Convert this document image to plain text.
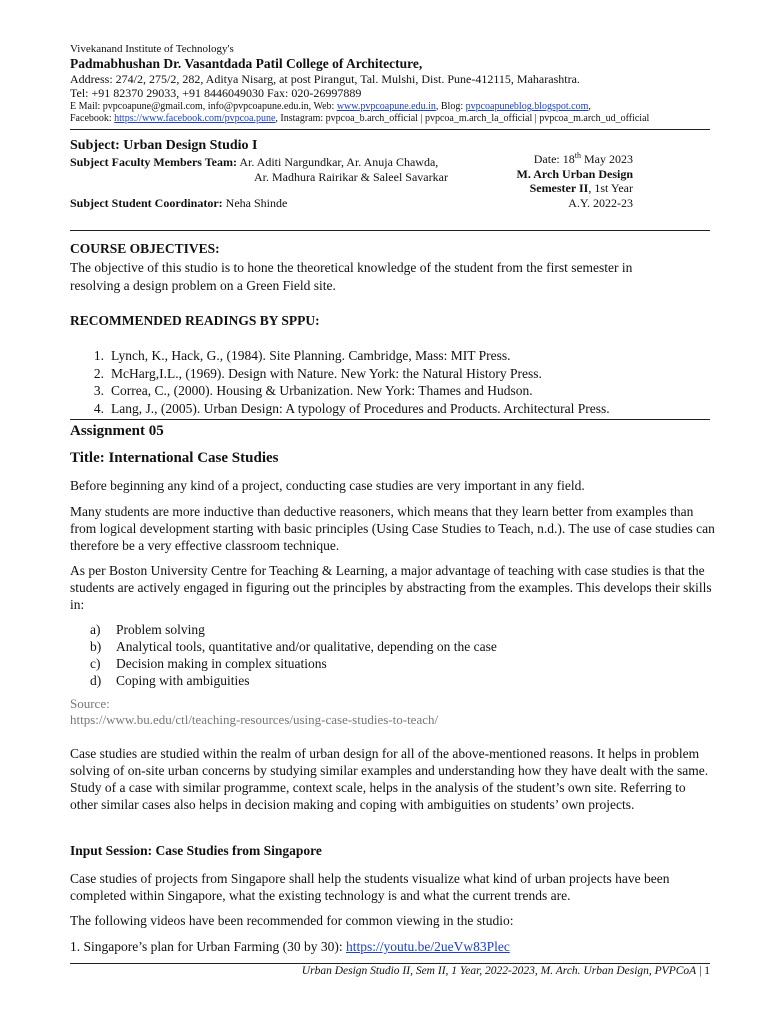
Vivekanand Institute of Technology's
Padmabhushan Dr. Vasantdada Patil College of Architecture,
Address: 274/2, 275/2, 282, Aditya Nisarg, at post Pirangut, Tal. Mulshi, Dist. Pune-412115, Maharashtra.
Tel: +91 82370 29033, +91 8446049030 Fax: 020-26997889
E Mail: pvpcoapune@gmail.com, info@pvpcoapune.edu.in, Web: www.pvpcoapune.edu.in, Blog: pvpcoapuneblog.blogspot.com,
Facebook: https://www.facebook.com/pvpcoa.pune, Instagram: pvpcoa_b.arch_official | pvpcoa_m.arch_la_official | pvpcoa_m.arch_ud_official
Subject: Urban Design Studio I
Subject Faculty Members Team: Ar. Aditi Nargundkar, Ar. Anuja Chawda,
Ar. Madhura Rairikar & Saleel Savarkar
Subject Student Coordinator: Neha Shinde
Date: 18th May 2023
M. Arch Urban Design
Semester II, 1st Year
A.Y. 2022-23
COURSE OBJECTIVES:
The objective of this studio is to hone the theoretical knowledge of the student from the first semester in resolving a design problem on a Green Field site.
RECOMMENDED READINGS BY SPPU:
1. Lynch, K., Hack, G., (1984). Site Planning. Cambridge, Mass: MIT Press.
2. McHarg,I.L., (1969). Design with Nature. New York: the Natural History Press.
3. Correa, C., (2000). Housing & Urbanization. New York: Thames and Hudson.
4. Lang, J., (2005). Urban Design: A typology of Procedures and Products. Architectural Press.
Assignment 05
Title: International Case Studies
Before beginning any kind of a project, conducting case studies are very important in any field.
Many students are more inductive than deductive reasoners, which means that they learn better from examples than from logical development starting with basic principles (Using Case Studies to Teach, n.d.). The use of case studies can therefore be a very effective classroom technique.
As per Boston University Centre for Teaching & Learning, a major advantage of teaching with case studies is that the students are actively engaged in figuring out the principles by abstracting from the examples. This develops their skills in:
a)	Problem solving
b)	Analytical tools, quantitative and/or qualitative, depending on the case
c)	Decision making in complex situations
d)	Coping with ambiguities
Source:
https://www.bu.edu/ctl/teaching-resources/using-case-studies-to-teach/
Case studies are studied within the realm of urban design for all of the above-mentioned reasons. It helps in problem solving of on-site urban concerns by studying similar examples and understanding how they have dealt with the same. Study of a case with similar programme, context scale, helps in the analysis of the student’s own site. Referring to other similar cases also helps in decision making and coping with ambiguities on students’ own projects.
Input Session: Case Studies from Singapore
Case studies of projects from Singapore shall help the students visualize what kind of urban projects have been completed within Singapore, what the existing technology is and what the current trends are.
The following videos have been recommended for common viewing in the studio:
1. Singapore’s plan for Urban Farming (30 by 30): https://youtu.be/2ueVw83Plec
Urban Design Studio II, Sem II, 1 Year, 2022-2023, M. Arch. Urban Design, PVPCoA | 1
